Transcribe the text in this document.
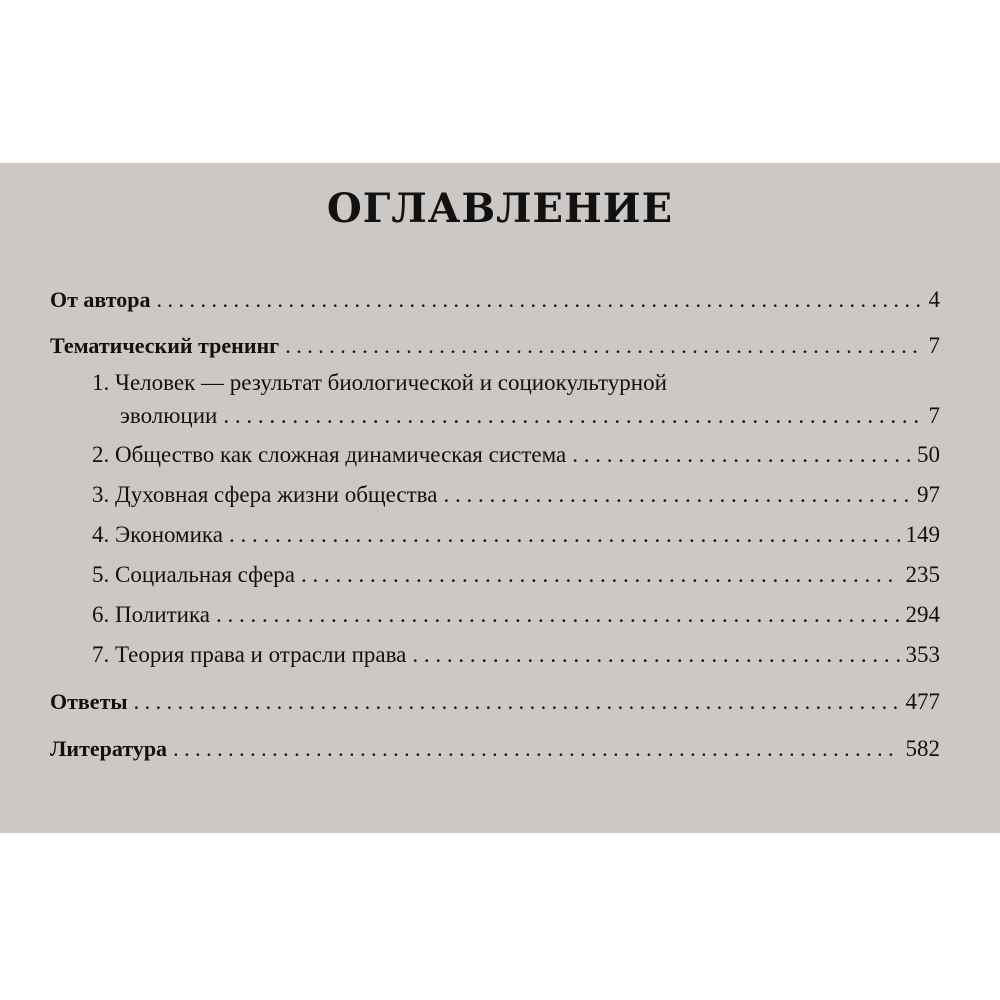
ОГЛАВЛЕНИЕ
От автора . . .	4
Тематический тренинг . . .	7
1. Человек — результат биологической и социокультурной
эволюции . . .	7
2. Общество как сложная динамическая система . . .	50
3. Духовная сфера жизни общества . . .	97
4. Экономика . . .	149
5. Социальная сфера . . .	235
6. Политика . . .	294
7. Теория права и отрасли права . . .	353
Ответы . . .	477
Литература . . .	582
